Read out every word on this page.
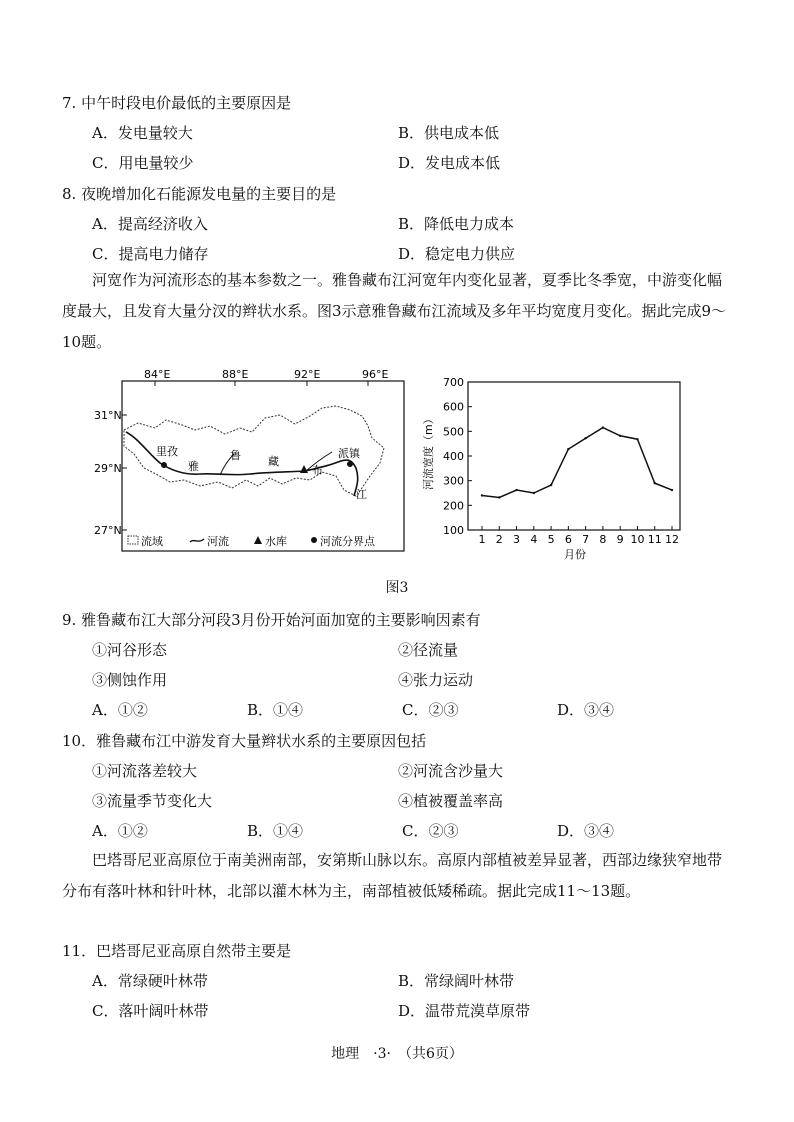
7. 中午时段电价最低的主要原因是
A．发电量较大	B．供电成本低
C．用电量较少	D．发电成本低
8. 夜晚增加化石能源发电量的主要目的是
A．提高经济收入	B．降低电力成本
C．提高电力储存	D．稳定电力供应
河宽作为河流形态的基本参数之一。雅鲁藏布江河宽年内变化显著，夏季比冬季宽，中游变化幅度最大，且发育大量分汊的辫状水系。图3示意雅鲁藏布江流域及多年平均宽度月变化。据此完成9～10题。
84°E	88°E	92°E	96°E
31°N
29°N
27°N
里孜
雅
鲁 藏
布
派镇
江
流域	河流	水库	河流分界点
100
200
300
400
500
600
700
1 2 3 4 5 6 7 8 9 10 11 12
河流宽度（m）
月份
图3
9. 雅鲁藏布江大部分河段3月份开始河面加宽的主要影响因素有
①河谷形态	②径流量
③侧蚀作用	④张力运动
A．①②	B．①④	C．②③	D．③④
10．雅鲁藏布江中游发育大量辫状水系的主要原因包括
①河流落差较大	②河流含沙量大
③流量季节变化大	④植被覆盖率高
A．①②	B．①④	C．②③	D．③④
巴塔哥尼亚高原位于南美洲南部，安第斯山脉以东。高原内部植被差异显著，西部边缘狭窄地带分布有落叶林和针叶林，北部以灌木林为主，南部植被低矮稀疏。据此完成11～13题。
11．巴塔哥尼亚高原自然带主要是
A．常绿硬叶林带	B．常绿阔叶林带
C．落叶阔叶林带	D．温带荒漠草原带
地理　·3·　（共6页）
